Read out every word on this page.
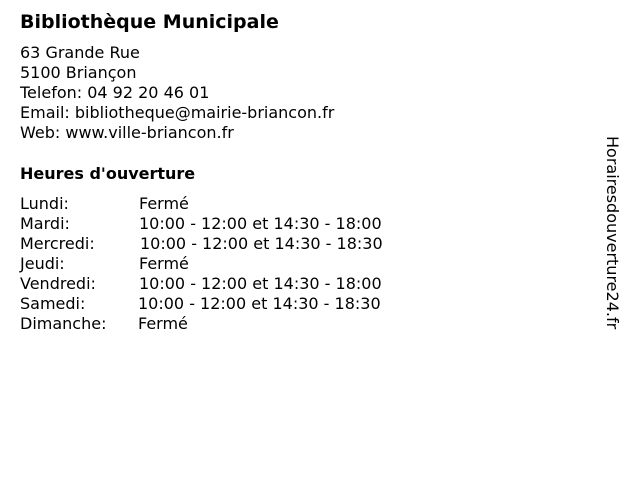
Bibliothèque Municipale
63 Grande Rue
5100 Briançon
Telefon: 04 92 20 46 01
Email: bibliotheque@mairie-briancon.fr
Web: www.ville-briancon.fr
Heures d'ouverture
Lundi:	Fermé
Mardi:	10:00 - 12:00 et 14:30 - 18:00
Mercredi:	10:00 - 12:00 et 14:30 - 18:30
Jeudi:	Fermé
Vendredi:	10:00 - 12:00 et 14:30 - 18:00
Samedi:	10:00 - 12:00 et 14:30 - 18:30
Dimanche: Fermé	Horairesdouverture24.fr
